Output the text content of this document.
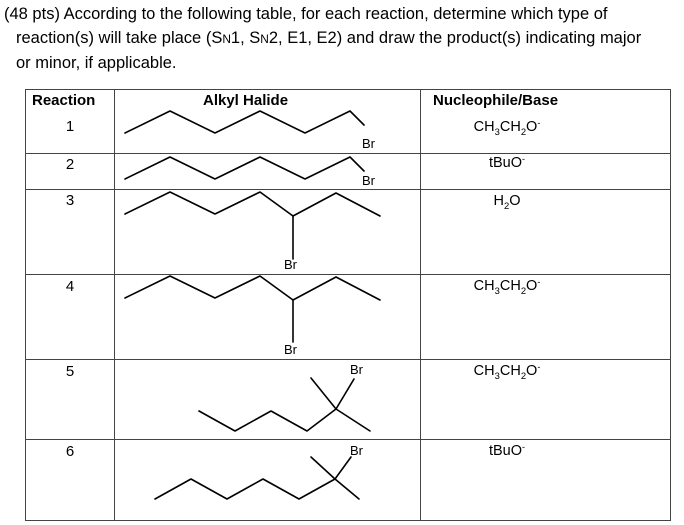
(48 pts) According to the following table, for each reaction, determine which type of
reaction(s) will take place (SN1, SN2, E1, E2) and draw the product(s) indicating major
or minor, if applicable.
Reaction	Alkyl Halide	Nucleophile/Base
1
2
3
4
5
6
Br
Br
Br
Br
Br
Br
$CH_3CH_2O^-$
tBuO-
$H_2O$
$CH_3CH_2O^-$
$CH_3CH_2O^-$
tBuO-
